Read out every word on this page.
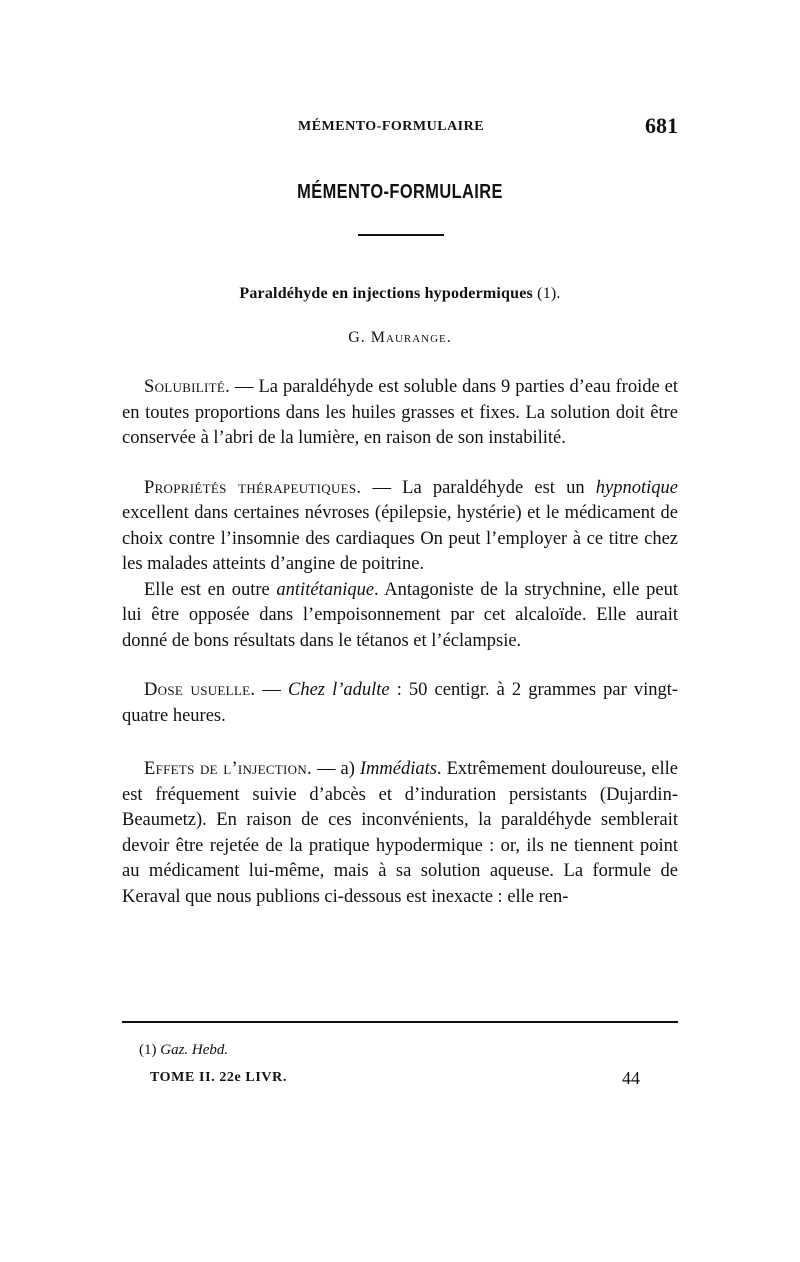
MÉMENTO-FORMULAIRE	681
MÉMENTO-FORMULAIRE
Paraldéhyde en injections hypodermiques (1).
G. Maurange.

Solubilité. — La paraldéhyde est soluble dans 9 parties d’eau froide et en toutes proportions dans les huiles grasses et fixes. La solution doit être conservée à l’abri de la lumière, en raison de son instabilité.

Propriétés thérapeutiques. — La paraldéhyde est un hypnotique excellent dans certaines névroses (épilepsie, hystérie) et le médicament de choix contre l’insomnie des cardiaques On peut l’employer à ce titre chez les malades atteints d’angine de poitrine.

Elle est en outre antitétanique. Antagoniste de la strychnine, elle peut lui être opposée dans l’empoisonnement par cet alcaloïde. Elle aurait donné de bons résultats dans le tétanos et l’éclampsie.

Dose usuelle. — Chez l’adulte : 50 centigr. à 2 grammes par vingt-quatre heures.

Effets de l’injection. — a) Immédiats. Extrêmement douloureuse, elle est fréquement suivie d’abcès et d’induration persistants (Dujardin-Beaumetz). En raison de ces inconvénients, la paraldéhyde semblerait devoir être rejetée de la pratique hypodermique : or, ils ne tiennent point au médicament lui-même, mais à sa solution aqueuse. La formule de Keraval que nous publions ci-dessous est inexacte : elle ren-

(1) Gaz. Hebd.
TOME II. 22e LIVR.	44
